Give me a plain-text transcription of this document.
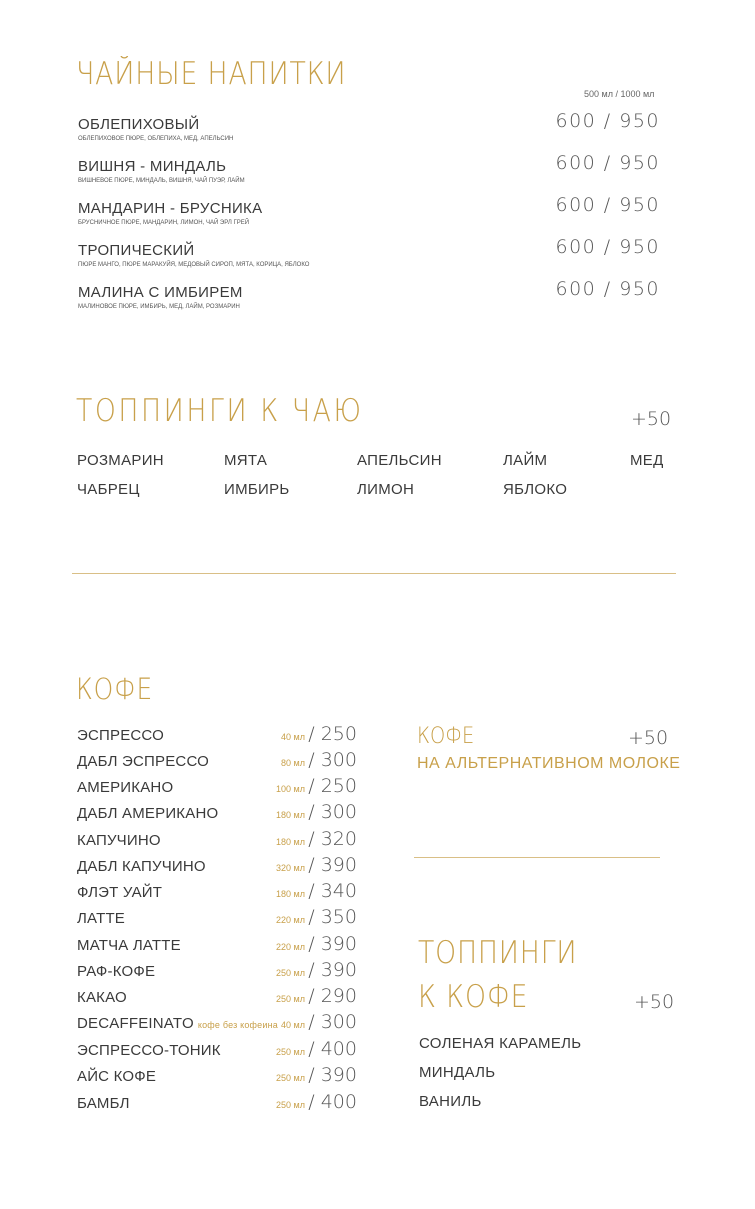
ЧАЙНЫЕ НАПИТКИ
500 мл / 1000 мл
ОБЛЕПИХОВЫЙ
ОБЛЕПИХОВОЕ ПЮРЕ, ОБЛЕПИХА, МЕД, АПЕЛЬСИН
600 / 950
ВИШНЯ - МИНДАЛЬ
ВИШНЕВОЕ ПЮРЕ, МИНДАЛЬ, ВИШНЯ, ЧАЙ ПУЭР, ЛАЙМ
600 / 950
МАНДАРИН - БРУСНИКА
БРУСНИЧНОЕ ПЮРЕ, МАНДАРИН, ЛИМОН, ЧАЙ ЭРЛ ГРЕЙ
600 / 950
ТРОПИЧЕСКИЙ
ПЮРЕ МАНГО, ПЮРЕ МАРАКУЙЯ, МЕДОВЫЙ СИРОП, МЯТА, КОРИЦА, ЯБЛОКО
600 / 950
МАЛИНА С ИМБИРЕМ
МАЛИНОВОЕ ПЮРЕ, ИМБИРЬ, МЕД, ЛАЙМ, РОЗМАРИН
600 / 950
ТОППИНГИ К ЧАЮ	+50
РОЗМАРИН	МЯТА	АПЕЛЬСИН	ЛАЙМ	МЕД
ЧАБРЕЦ	ИМБИРЬ	ЛИМОН	ЯБЛОКО
КОФЕ
ЭСПРЕССО	40 мл / 250
ДАБЛ ЭСПРЕССО	80 мл / 300
АМЕРИКАНО	100 мл / 250
ДАБЛ АМЕРИКАНО	180 мл / 300
КАПУЧИНО	180 мл / 320
ДАБЛ КАПУЧИНО	320 мл / 390
ФЛЭТ УАЙТ	180 мл / 340
ЛАТТЕ	220 мл / 350
МАТЧА ЛАТТЕ	220 мл / 390
РАФ-КОФЕ	250 мл / 390
КАКАО	250 мл / 290
DECAFFEINATO кофе без кофеина 40 мл / 300
ЭСПРЕССО-ТОНИК	250 мл / 400
АЙС КОФЕ	250 мл / 390
БАМБЛ	250 мл / 400
КОФЕ	+50
НА АЛЬТЕРНАТИВНОМ МОЛОКЕ
ТОППИНГИ
К КОФЕ	+50
СОЛЕНАЯ КАРАМЕЛЬ
МИНДАЛЬ
ВАНИЛЬ
